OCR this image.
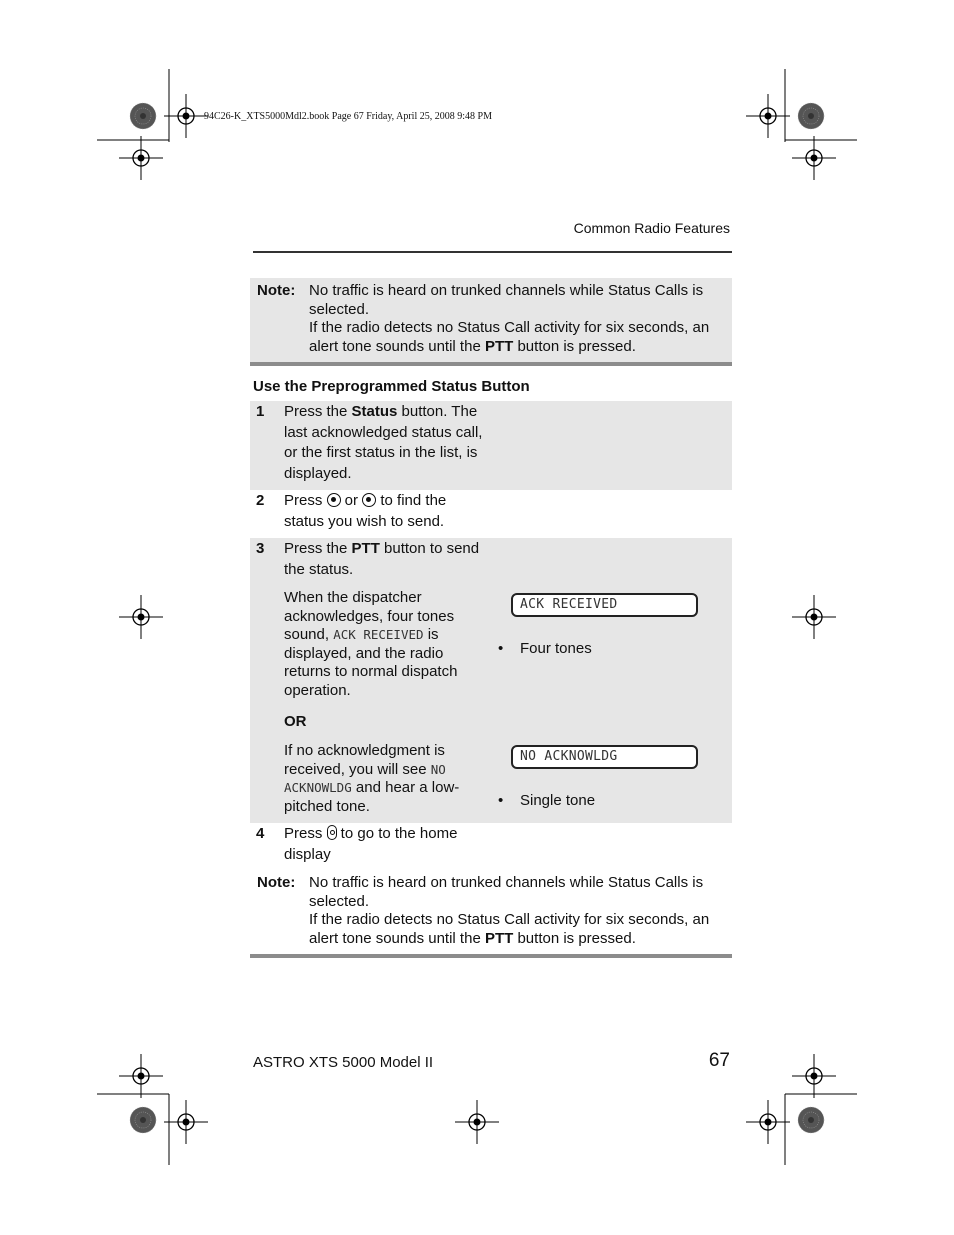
94C26-K_XTS5000Mdl2.book Page 67 Friday, April 25, 2008 9:48 PM
Common Radio Features
Note: No traffic is heard on trunked channels while Status Calls is selected.
If the radio detects no Status Call activity for six seconds, an alert tone sounds until the PTT button is pressed.
Use the Preprogrammed Status Button
1 Press the Status button. The last acknowledged status call, or the first status in the list, is displayed.
2 Press  or  to find the status you wish to send.
3 Press the PTT button to send the status.
When the dispatcher acknowledges, four tones sound, ACK RECEIVED is displayed, and the radio returns to normal dispatch operation.
OR
If no acknowledgment is received, you will see NO ACKNOWLDG and hear a low-pitched tone.
ACK RECEIVED
• Four tones
NO ACKNOWLDG
• Single tone
4 Press  to go to the home display
Note: No traffic is heard on trunked channels while Status Calls is selected.
If the radio detects no Status Call activity for six seconds, an alert tone sounds until the PTT button is pressed.
ASTRO XTS 5000 Model II	67
